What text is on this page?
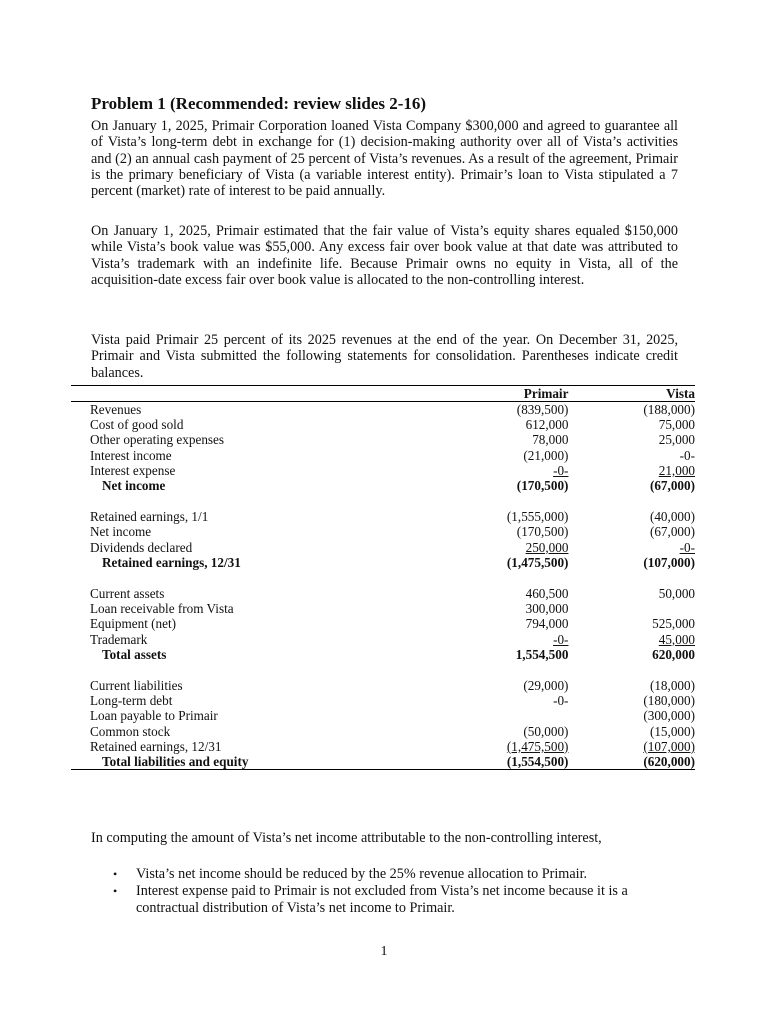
Problem 1 (Recommended: review slides 2-16)

On January 1, 2025, Primair Corporation loaned Vista Company $300,000 and agreed to guarantee all of Vista’s long-term debt in exchange for (1) decision-making authority over all of Vista’s activities and (2) an annual cash payment of 25 percent of Vista’s revenues. As a result of the agreement, Primair is the primary beneficiary of Vista (a variable interest entity). Primair’s loan to Vista stipulated a 7 percent (market) rate of interest to be paid annually.

On January 1, 2025, Primair estimated that the fair value of Vista’s equity shares equaled $150,000 while Vista’s book value was $55,000. Any excess fair over book value at that date was attributed to Vista’s trademark with an indefinite life. Because Primair owns no equity in Vista, all of the acquisition-date excess fair over book value is allocated to the non-controlling interest.

Vista paid Primair 25 percent of its 2025 revenues at the end of the year. On December 31, 2025, Primair and Vista submitted the following statements for consolidation. Parentheses indicate credit balances.

	Primair	Vista
Revenues	(839,500)	(188,000)
Cost of good sold	612,000	75,000
Other operating expenses	78,000	25,000
Interest income	(21,000)	-0-
Interest expense	-0-	21,000
Net income	(170,500)	(67,000)

Retained earnings, 1/1	(1,555,000)	(40,000)
Net income	(170,500)	(67,000)
Dividends declared	250,000	-0-
Retained earnings, 12/31	(1,475,500)	(107,000)

Current assets	460,500	50,000
Loan receivable from Vista	300,000	
Equipment (net)	794,000	525,000
Trademark	-0-	45,000
Total assets	1,554,500	620,000

Current liabilities	(29,000)	(18,000)
Long-term debt	-0-	(180,000)
Loan payable to Primair		(300,000)
Common stock	(50,000)	(15,000)
Retained earnings, 12/31	(1,475,500)	(107,000)
Total liabilities and equity	(1,554,500)	(620,000)

In computing the amount of Vista’s net income attributable to the non-controlling interest,

• Vista’s net income should be reduced by the 25% revenue allocation to Primair.
• Interest expense paid to Primair is not excluded from Vista’s net income because it is a contractual distribution of Vista’s net income to Primair.
1
